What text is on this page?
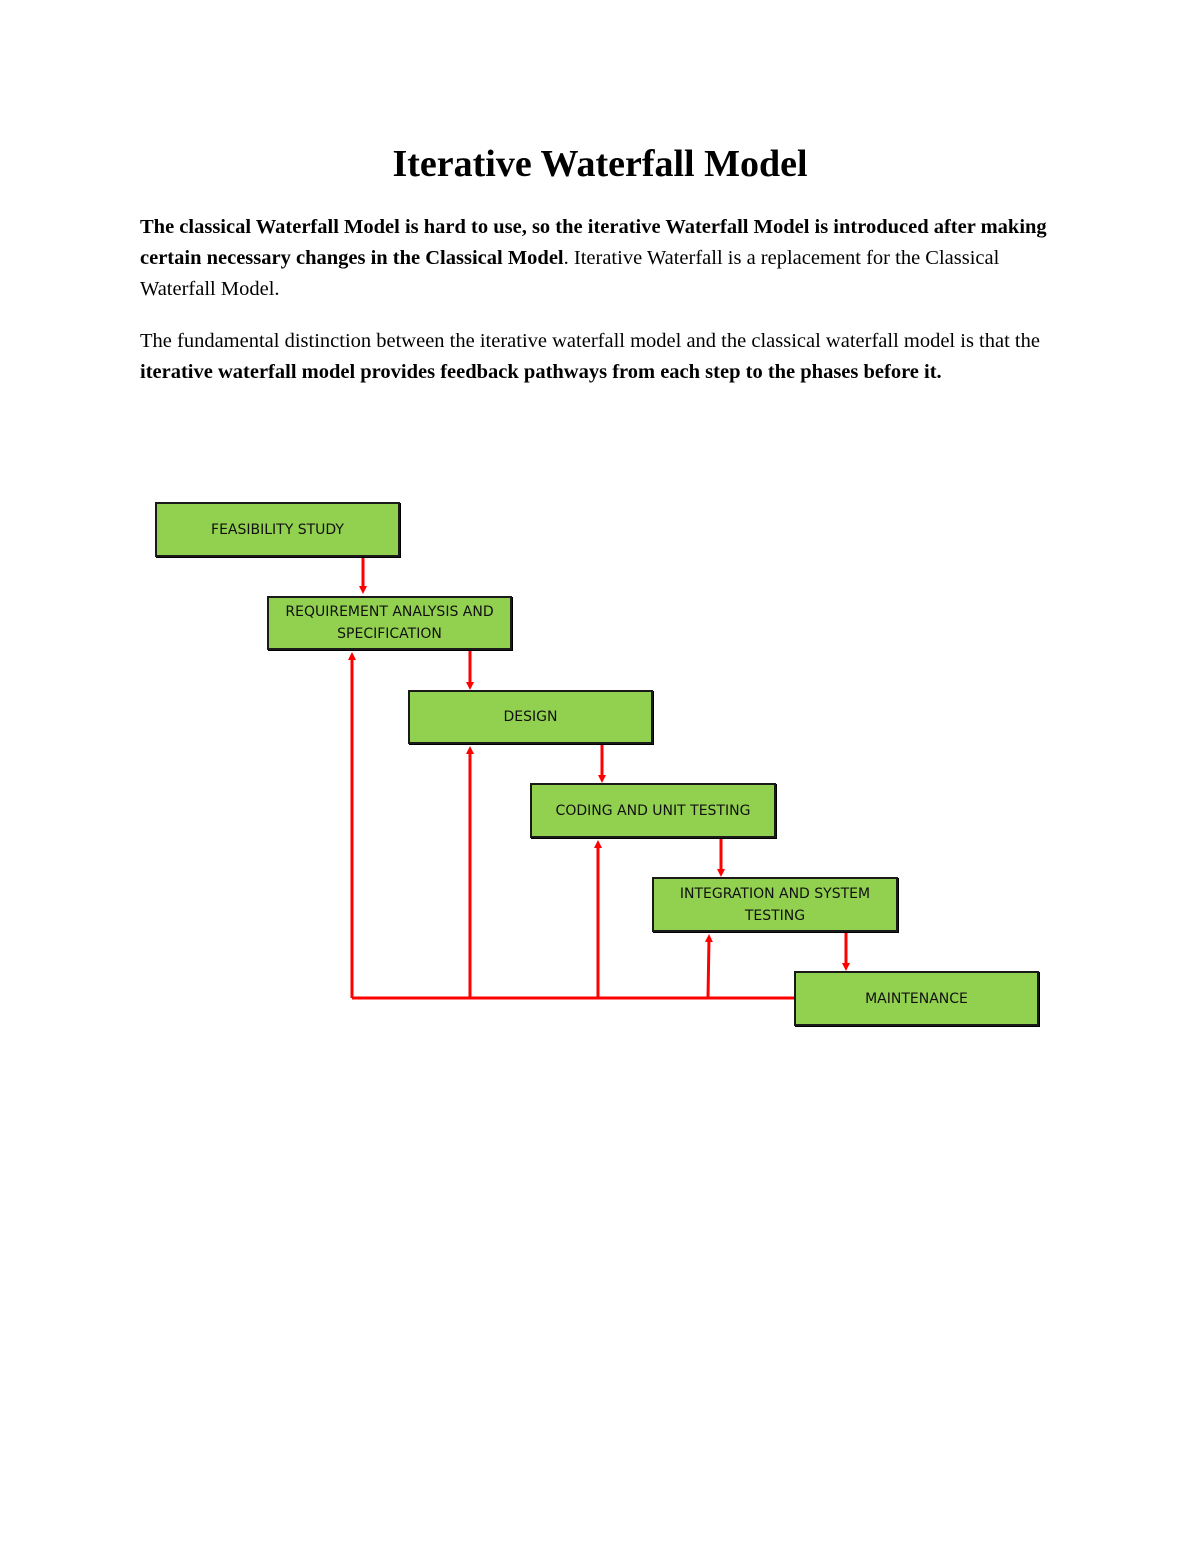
Iterative Waterfall Model

The classical Waterfall Model is hard to use, so the iterative Waterfall Model is introduced after making certain necessary changes in the Classical Model. Iterative Waterfall is a replacement for the Classical Waterfall Model.

The fundamental distinction between the iterative waterfall model and the classical waterfall model is that the iterative waterfall model provides feedback pathways from each step to the phases before it.

FEASIBILITY STUDY
REQUIREMENT ANALYSIS AND SPECIFICATION
DESIGN
CODING AND UNIT TESTING
INTEGRATION AND SYSTEM TESTING
MAINTENANCE
